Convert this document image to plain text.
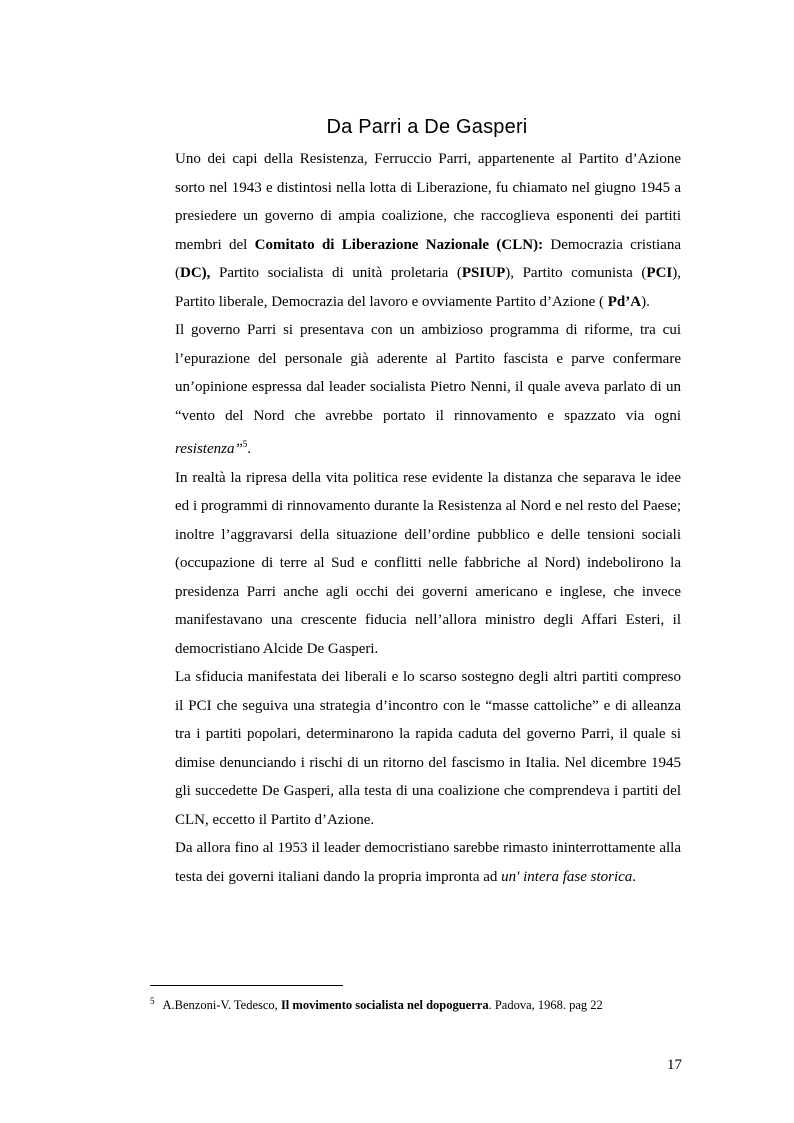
Da Parri a De Gasperi

Uno dei capi della Resistenza, Ferruccio Parri, appartenente al Partito d’Azione sorto nel 1943 e distintosi nella lotta di Liberazione, fu chiamato nel giugno 1945 a presiedere un governo di ampia coalizione, che raccoglieva esponenti dei partiti membri del Comitato di Liberazione Nazionale (CLN): Democrazia cristiana (DC), Partito socialista di unità proletaria (PSIUP), Partito comunista (PCI), Partito liberale, Democrazia del lavoro e ovviamente Partito d’Azione ( Pd’A).

Il governo Parri si presentava con un ambizioso programma di riforme, tra cui l’epurazione del personale già aderente al Partito fascista e parve confermare un’opinione espressa dal leader socialista Pietro Nenni, il quale aveva parlato di un “vento del Nord che avrebbe portato il rinnovamento e spazzato via ogni resistenza”$^5$.

In realtà la ripresa della vita politica rese evidente la distanza che separava le idee ed i programmi di rinnovamento durante la Resistenza al Nord e nel resto del Paese; inoltre l’aggravarsi della situazione dell’ordine pubblico e delle tensioni sociali (occupazione di terre al Sud e conflitti nelle fabbriche al Nord) indebolirono la presidenza Parri anche agli occhi dei governi americano e inglese, che invece manifestavano una crescente fiducia nell’allora ministro degli Affari Esteri, il democristiano Alcide De Gasperi.

La sfiducia manifestata dei liberali e lo scarso sostegno degli altri partiti compreso il PCI che seguiva una strategia d’incontro con le “masse cattoliche” e di alleanza tra i partiti popolari, determinarono la rapida caduta del governo Parri, il quale si dimise denunciando i rischi di un ritorno del fascismo in Italia. Nel dicembre 1945 gli succedette De Gasperi, alla testa di una coalizione che comprendeva i partiti del CLN, eccetto il Partito d’Azione.

Da allora fino al 1953 il leader democristiano sarebbe rimasto ininterrottamente alla testa dei governi italiani dando la propria impronta ad un' intera fase storica.

$^5$ A.Benzoni-V. Tedesco, Il movimento socialista nel dopoguerra. Padova, 1968. pag 22
17
